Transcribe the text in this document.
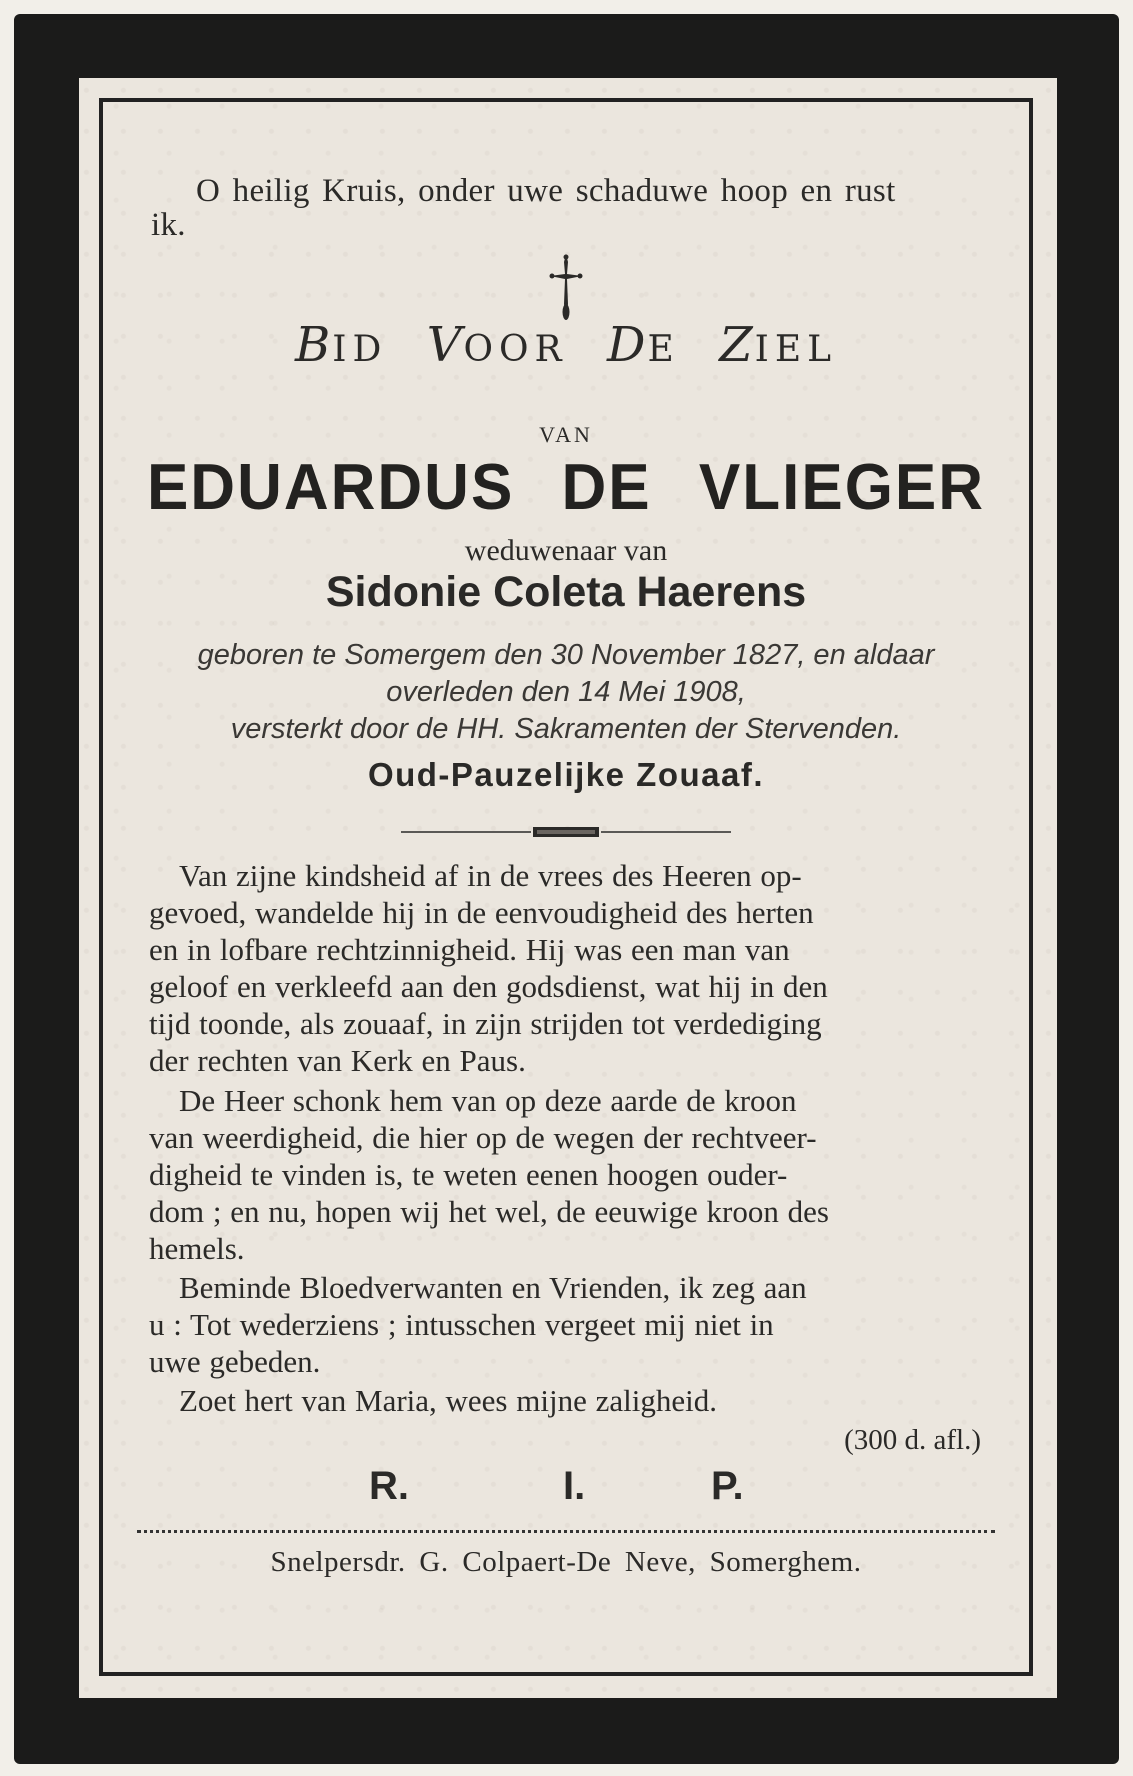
O heilig Kruis, onder uwe schaduwe hoop en rust
ik.
BID VOOR DE ZIEL
VAN
EDUARDUS DE VLIEGER
weduwenaar van
Sidonie Coleta Haerens
geboren te Somergem den 30 November 1827, en aldaar
overleden den 14 Mei 1908,
versterkt door de HH. Sakramenten der Stervenden.
Oud-Pauzelijke Zouaaf.
Van zijne kindsheid af in de vrees des Heeren op-
gevoed, wandelde hij in de eenvoudigheid des herten
en in lofbare rechtzinnigheid. Hij was een man van
geloof en verkleefd aan den godsdienst, wat hij in den
tijd toonde, als zouaaf, in zijn strijden tot verdediging
der rechten van Kerk en Paus.
De Heer schonk hem van op deze aarde de kroon
van weerdigheid, die hier op de wegen der rechtveer-
digheid te vinden is, te weten eenen hoogen ouder-
dom ; en nu, hopen wij het wel, de eeuwige kroon des
hemels.
Beminde Bloedverwanten en Vrienden, ik zeg aan
u : Tot wederziens ; intusschen vergeet mij niet in
uwe gebeden.
Zoet hert van Maria, wees mijne zaligheid.
(300 d. afl.)
R.	I.	P.
Snelpersdr. G. Colpaert-De Neve, Somerghem.
